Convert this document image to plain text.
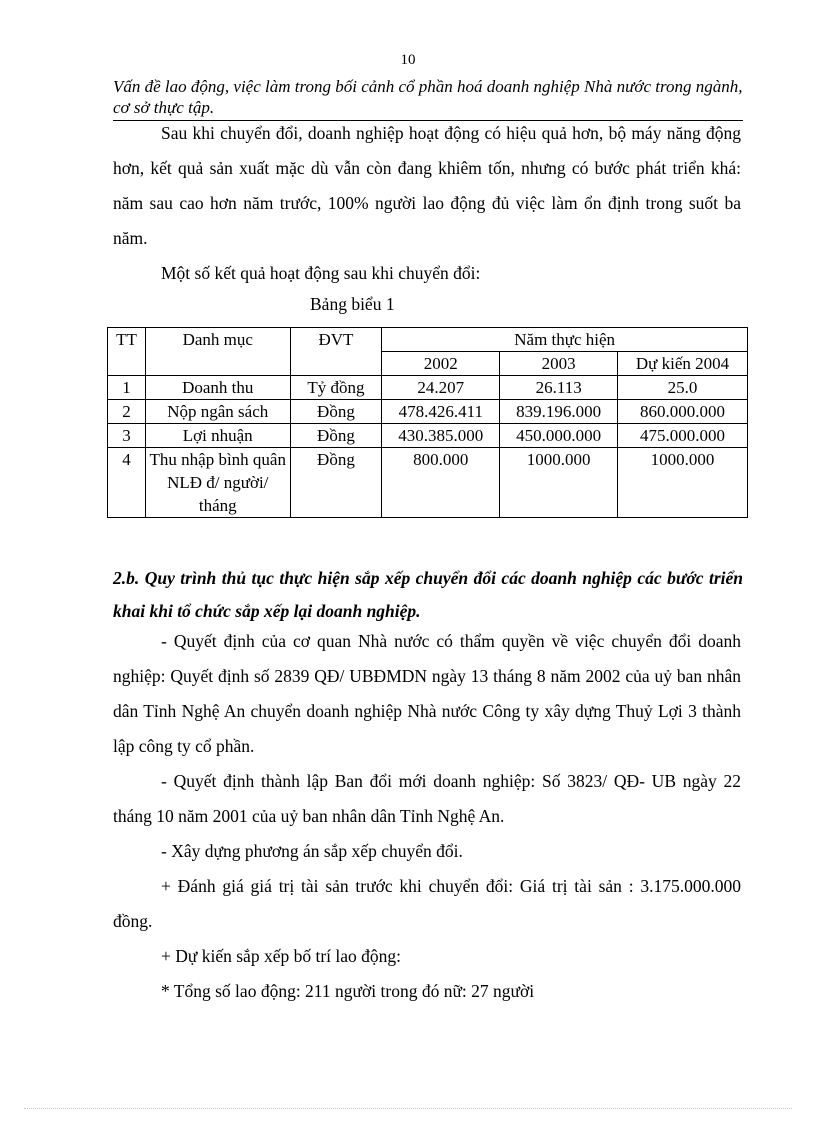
10
Vấn đề lao động, việc làm trong bối cảnh cổ phần hoá doanh nghiệp Nhà nước trong ngành, cơ sở thực tập.

Sau khi chuyển đổi, doanh nghiệp hoạt động có hiệu quả hơn, bộ máy năng động hơn, kết quả sản xuất mặc dù vẫn còn đang khiêm tốn, nhưng có bước phát triển khá: năm sau cao hơn năm trước, 100% người lao động đủ việc làm ổn định trong suốt ba năm.

Một số kết quả hoạt động sau khi chuyển đổi:

Bảng biểu 1
TT	Danh mục	ĐVT	Năm thực hiện		
			2002	2003	Dự kiến 2004
1	Doanh thu	Tỷ đồng	24.207	26.113	25.0
2	Nộp ngân sách	Đồng	478.426.411	839.196.000	860.000.000
3	Lợi nhuận	Đồng	430.385.000	450.000.000	475.000.000
4	Thu nhập bình quân NLĐ đ/ người/ tháng	Đồng	800.000	1000.000	1000.000
2.b. Quy trình thủ tục thực hiện sắp xếp chuyển đổi các doanh nghiệp các bước triển khai khi tổ chức sắp xếp lại doanh nghiệp.

- Quyết định của cơ quan Nhà nước có thẩm quyền về việc chuyển đổi doanh nghiệp: Quyết định số 2839 QĐ/ UBĐMDN ngày 13 tháng 8 năm 2002 của uỷ ban nhân dân Tỉnh Nghệ An chuyển doanh nghiệp Nhà nước Công ty xây dựng Thuỷ Lợi 3 thành lập công ty cổ phần.

- Quyết định thành lập Ban đổi mới doanh nghiệp: Số 3823/ QĐ- UB ngày 22 tháng 10 năm 2001 của uỷ ban nhân dân Tỉnh Nghệ An.

- Xây dựng phương án sắp xếp chuyển đổi.

+ Đánh giá giá trị tài sản trước khi chuyển đổi: Giá trị tài sản : 3.175.000.000 đồng.

+ Dự kiến sắp xếp bố trí lao động:

* Tổng số lao động: 211 người trong đó nữ: 27 người
